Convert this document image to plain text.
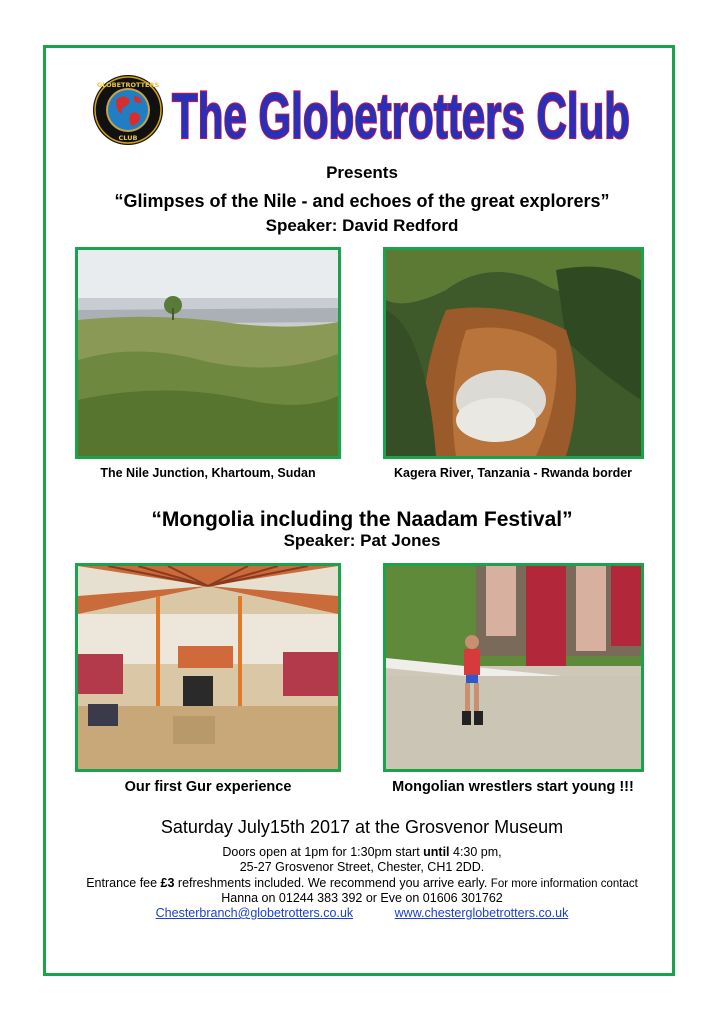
GLOBETROTTERS
CLUB The Globetrotters Club
Presents
“Glimpses of the Nile - and echoes of the great explorers”
Speaker: David Redford
The Nile Junction, Khartoum, Sudan	Kagera River, Tanzania - Rwanda border
“Mongolia including the Naadam Festival”
Speaker: Pat Jones
Our first Gur experience	Mongolian wrestlers start young !!!
Saturday July15th 2017 at the Grosvenor Museum
Doors open at 1pm for 1:30pm start until 4:30 pm,
25-27 Grosvenor Street, Chester, CH1 2DD.
Entrance fee £3 refreshments included. We recommend you arrive early. For more information contact
Hanna on 01244 383 392 or Eve on 01606 301762
Chesterbranch@globetrotters.co.uk	www.chesterglobetrotters.co.uk
